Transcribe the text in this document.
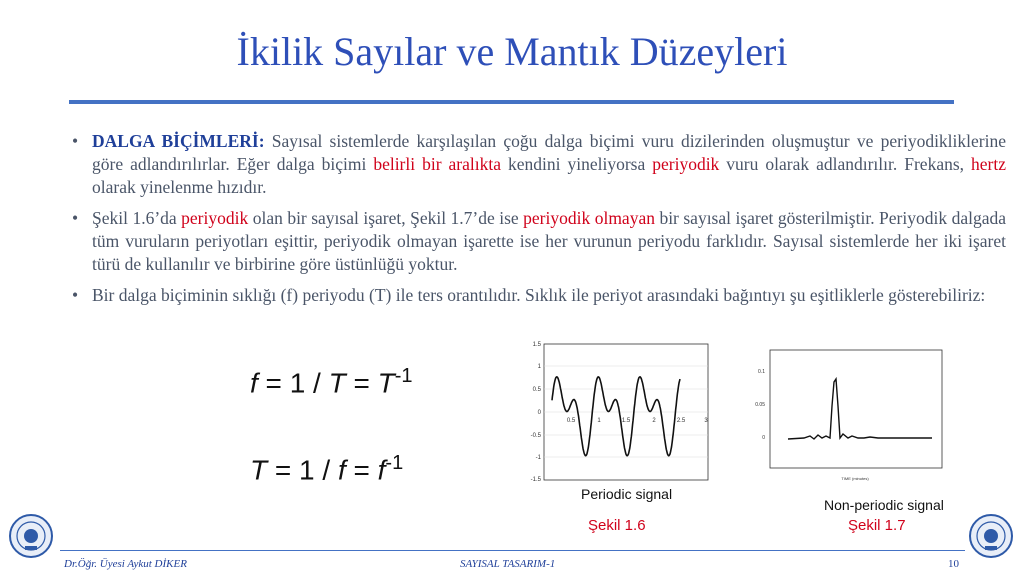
İkilik Sayılar ve Mantık Düzeyleri
• DALGA BİÇİMLERİ: Sayısal sistemlerde karşılaşılan çoğu dalga biçimi vuru dizilerinden oluşmuştur ve periyodikliklerine göre adlandırılırlar. Eğer dalga biçimi belirli bir aralıkta kendini yineliyorsa periyodik vuru olarak adlandırılır. Frekans, hertz olarak yinelenme hızıdır.
• Şekil 1.6’da periyodik olan bir sayısal işaret, Şekil 1.7’de ise periyodik olmayan bir sayısal işaret gösterilmiştir. Periyodik dalgada tüm vuruların periyotları eşittir, periyodik olmayan işarette ise her vurunun periyodu farklıdır. Sayısal sistemlerde her iki işaret türü de kullanılır ve birbirine göre üstünlüğü yoktur.
• Bir dalga biçiminin sıklığı (f) periyodu (T) ile ters orantılıdır. Sıklık ile periyot arasındaki bağıntıyı şu eşitliklerle gösterebiliriz:
$f = 1 / T = T^{-1}$
$T = 1 / f = f^{-1}$
1.5
1
0.5
0
-0.5
-1
-1.5
0.5	1	1.5	2	2.5	3
Periodic signal
Şekil 1.6
0.1
0.05
0
TIME (minutes)
Non-periodic signal
Şekil 1.7
Dr.Öğr. Üyesi Aykut DİKER	SAYISAL TASARIM-1	10
